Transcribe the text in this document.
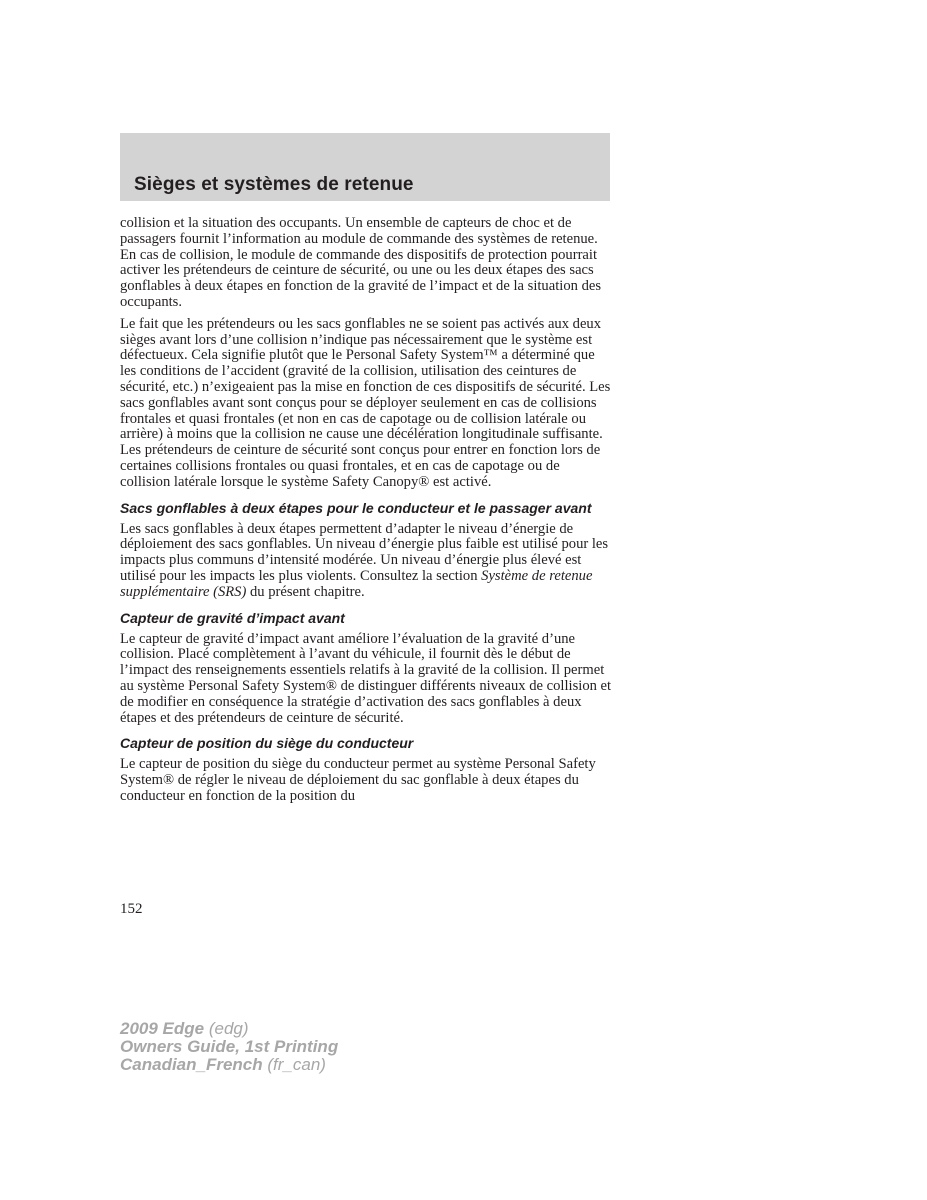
Sièges et systèmes de retenue

collision et la situation des occupants. Un ensemble de capteurs de choc et de passagers fournit l’information au module de commande des systèmes de retenue. En cas de collision, le module de commande des dispositifs de protection pourrait activer les prétendeurs de ceinture de sécurité, ou une ou les deux étapes des sacs gonflables à deux étapes en fonction de la gravité de l’impact et de la situation des occupants.

Le fait que les prétendeurs ou les sacs gonflables ne se soient pas activés aux deux sièges avant lors d’une collision n’indique pas nécessairement que le système est défectueux. Cela signifie plutôt que le Personal Safety System™ a déterminé que les conditions de l’accident (gravité de la collision, utilisation des ceintures de sécurité, etc.) n’exigeaient pas la mise en fonction de ces dispositifs de sécurité. Les sacs gonflables avant sont conçus pour se déployer seulement en cas de collisions frontales et quasi frontales (et non en cas de capotage ou de collision latérale ou arrière) à moins que la collision ne cause une décélération longitudinale suffisante. Les prétendeurs de ceinture de sécurité sont conçus pour entrer en fonction lors de certaines collisions frontales ou quasi frontales, et en cas de capotage ou de collision latérale lorsque le système Safety Canopy® est activé.

Sacs gonflables à deux étapes pour le conducteur et le passager avant

Les sacs gonflables à deux étapes permettent d’adapter le niveau d’énergie de déploiement des sacs gonflables. Un niveau d’énergie plus faible est utilisé pour les impacts plus communs d’intensité modérée. Un niveau d’énergie plus élevé est utilisé pour les impacts les plus violents. Consultez la section Système de retenue supplémentaire (SRS) du présent chapitre.

Capteur de gravité d’impact avant

Le capteur de gravité d’impact avant améliore l’évaluation de la gravité d’une collision. Placé complètement à l’avant du véhicule, il fournit dès le début de l’impact des renseignements essentiels relatifs à la gravité de la collision. Il permet au système Personal Safety System® de distinguer différents niveaux de collision et de modifier en conséquence la stratégie d’activation des sacs gonflables à deux étapes et des prétendeurs de ceinture de sécurité.

Capteur de position du siège du conducteur

Le capteur de position du siège du conducteur permet au système Personal Safety System® de régler le niveau de déploiement du sac gonflable à deux étapes du conducteur en fonction de la position du

152

2009 Edge (edg)
Owners Guide, 1st Printing
Canadian_French (fr_can)
